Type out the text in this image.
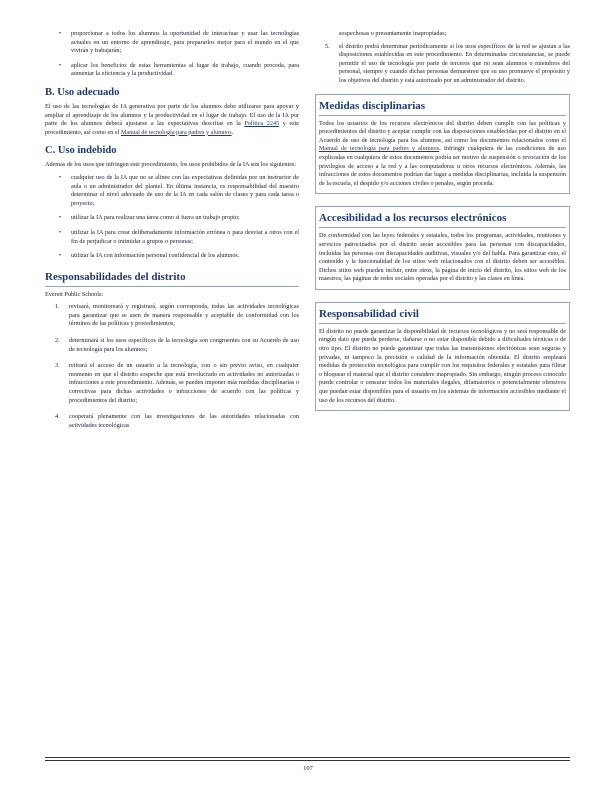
•	proporcionar a todos los alumnos la oportunidad de interactuar y usar las tecnologías actuales en un entorno de aprendizaje, para prepararlos mejor para el mundo en el que vivirán y trabajarán;
•	aplicar los beneficios de estas herramientas al lugar de trabajo, cuando proceda, para aumentar la eficiencia y la productividad.
B. Uso adecuado

El uso de las tecnologías de IA generativa por parte de los alumnos debe utilizarse para apoyar y ampliar el aprendizaje de los alumnos y la productividad en el lugar de trabajo. El uso de la IA por parte de los alumnos deberá ajustarse a las expectativas descritas en la Política 2245 y este procedimiento, así como en el Manual de tecnología para padres y alumnos.

C. Uso indebido

Además de los usos que infringen este procedimiento, los usos prohibidos de la IA son los siguientes:

•	cualquier uso de la IA que no se alinee con las expectativas definidas por un instructor de aula o un administrador del plantel. En última instancia, es responsabilidad del maestro determinar el nivel adecuado de uso de la IA en cada salón de clases y para cada tarea o proyecto;
•	utilizar la IA para realizar una tarea como si fuera un trabajo propio;
•	utilizar la IA para crear deliberadamente información errónea o para desviar a otros con el fin de perjudicar o intimidar a grupos o personas;
•	utilizar la IA con información personal confidencial de los alumnos.
Responsabilidades del distrito

Everett Public Schools:

1.	revisará, monitoreará y registrará, según corresponda, todas las actividades tecnológicas para garantizar que se usen de manera responsable y aceptable de conformidad con los términos de las políticas y procedimientos;
2.	determinará si los usos específicos de la tecnología son congruentes con su Acuerdo de uso de tecnología para los alumnos;
3.	retirará el acceso de un usuario a la tecnología, con o sin previo aviso, en cualquier momento en que el distrito sospeche que está involucrado en actividades no autorizadas o infracciones a este procedimiento. Además, se pueden imponer más medidas disciplinarias o correctivas para dichas actividades o infracciones de acuerdo con las políticas y procedimientos del distrito;
4.	cooperará plenamente con las investigaciones de las autoridades relacionadas con actividades tecnológicas

sospechosas o presuntamente inapropiadas;

5.	el distrito podrá determinar periódicamente si los usos específicos de la red se ajustan a las disposiciones establecidas en este procedimiento. En determinadas circunstancias, se puede permitir el uso de tecnología por parte de terceros que no sean alumnos o miembros del personal, siempre y cuando dichas personas demuestren que su uso promueve el propósito y los objetivos del distrito y está autorizado por un administrador del distrito.
Medidas disciplinarias

Todos los usuarios de los recursos electrónicos del distrito deben cumplir con las políticas y procedimientos del distrito y aceptar cumplir con las disposiciones establecidas por el distrito en el Acuerdo de uso de tecnología para los alumnos, así como los documentos relacionados como el Manual de tecnología para padres y alumnos. Infringir cualquiera de las condiciones de uso explicadas en cualquiera de estos documentos podría ser motivo de suspensión o revocación de los privilegios de acceso a la red y a las computadoras u otros recursos electrónicos. Además, las infracciones de estos documentos podrían dar lugar a medidas disciplinarias, incluida la suspensión de la escuela, el despido y/o acciones civiles o penales, según proceda.

Accesibilidad a los recursos electrónicos

De conformidad con las leyes federales y estatales, todos los programas, actividades, reuniones y servicios patrocinados por el distrito serán accesibles para las personas con discapacidades, incluidas las personas con discapacidades auditivas, visuales y/o del habla. Para garantizar esto, el contenido y la funcionalidad de los sitios web relacionados con el distrito deben ser accesibles. Dichos sitios web pueden incluir, entre otros, la página de inicio del distrito, los sitios web de los maestros, las páginas de redes sociales operadas por el distrito y las clases en línea.

Responsabilidad civil

El distrito no puede garantizar la disponibilidad de recursos tecnológicos y no será responsable de ningún dato que pueda perderse, dañarse o no estar disponible debido a dificultades técnicas o de otro tipo. El distrito no puede garantizar que todas las transmisiones electrónicas sean seguras y privadas, ni tampoco la precisión o calidad de la información obtenida. El distrito empleará medidas de protección tecnológica para cumplir con los requisitos federales y estatales para filtrar o bloquear el material que el distrito considere inapropiado. Sin embargo, ningún proceso conocido puede controlar o censurar todos los materiales ilegales, difamatorios o potencialmente ofensivos que puedan estar disponibles para el usuario en los sistemas de información accesibles mediante el uso de los recursos del distrito.

107
